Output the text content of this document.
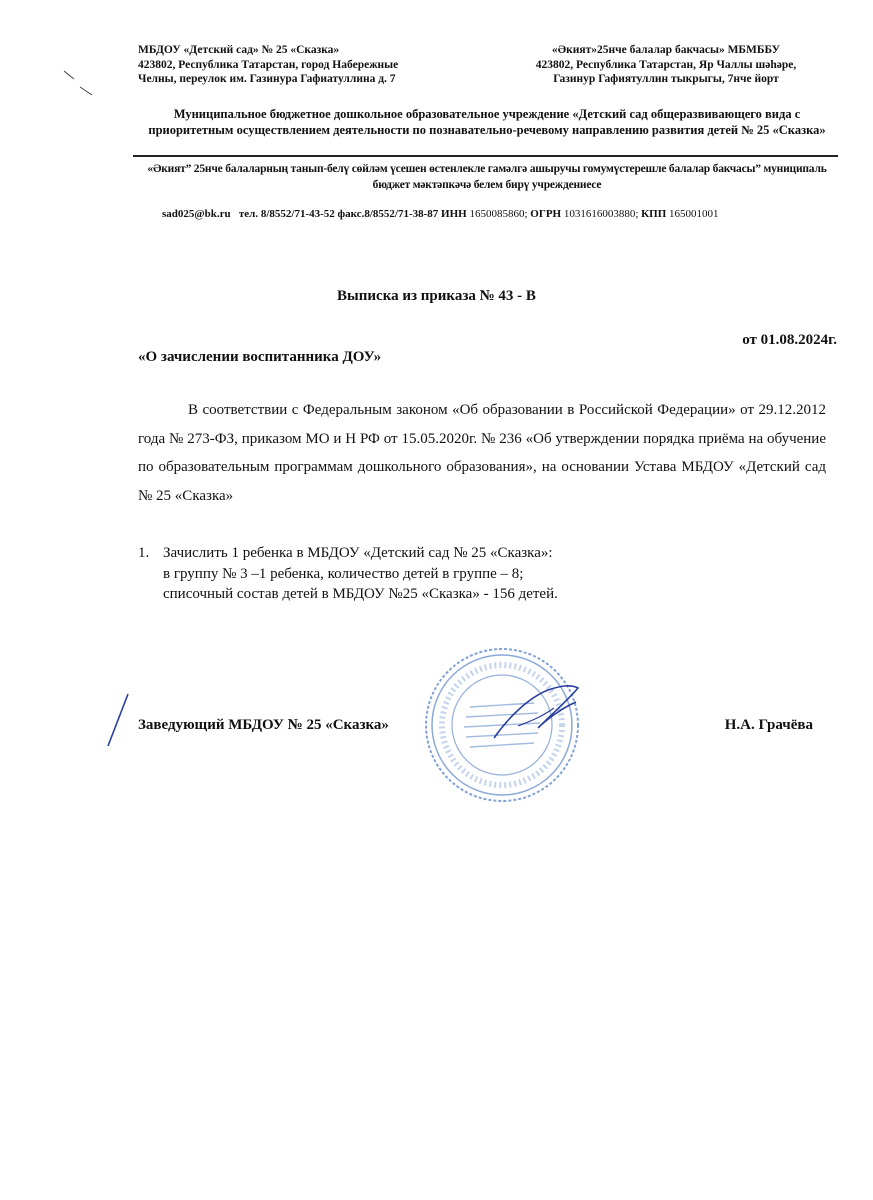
МБДОУ «Детский сад» № 25 «Сказка»
423802, Республика Татарстан, город Набережные
Челны, переулок им. Газинура Гафиатуллина д. 7
«Әкият»25нче балалар бакчасы» МБМББУ
423802, Республика Татарстан, Яр Чаллы шәһәре,
Газинур Гафиятуллин тыкрыгы, 7нче йорт
Муниципальное бюджетное дошкольное образовательное учреждение «Детский сад общеразвивающего вида с приоритетным осуществлением деятельности по познавательно-речевому направлению развития детей № 25 «Сказка»
«Әкият” 25нче балаларның танып-белү сөйләм үсешен өстенлекле гамәлгә ашыручы гомумүстерешле балалар бакчасы” муниципаль бюджет мәктәпкәчә белем бирү учреждениесе
sad025@bk.ru тел. 8/8552/71-43-52 факс.8/8552/71-38-87 ИНН 1650085860; ОГРН 1031616003880; КПП 165001001
Выписка из приказа № 43 - В
от 01.08.2024г.
«О зачислении воспитанника ДОУ»

В соответствии с Федеральным законом «Об образовании в Российской Федерации» от 29.12.2012 года № 273-ФЗ, приказом МО и Н РФ от 15.05.2020г. № 236 «Об утверждении порядка приёма на обучение по образовательным программам дошкольного образования», на основании Устава МБДОУ «Детский сад № 25 «Сказка»

1. Зачислить 1 ребенка в МБДОУ «Детский сад № 25 «Сказка»:
в группу № 3 –1 ребенка, количество детей в группе – 8;
списочный состав детей в МБДОУ №25 «Сказка» - 156 детей.
Заведующий МБДОУ № 25 «Сказка»	Н.А. Грачёва
